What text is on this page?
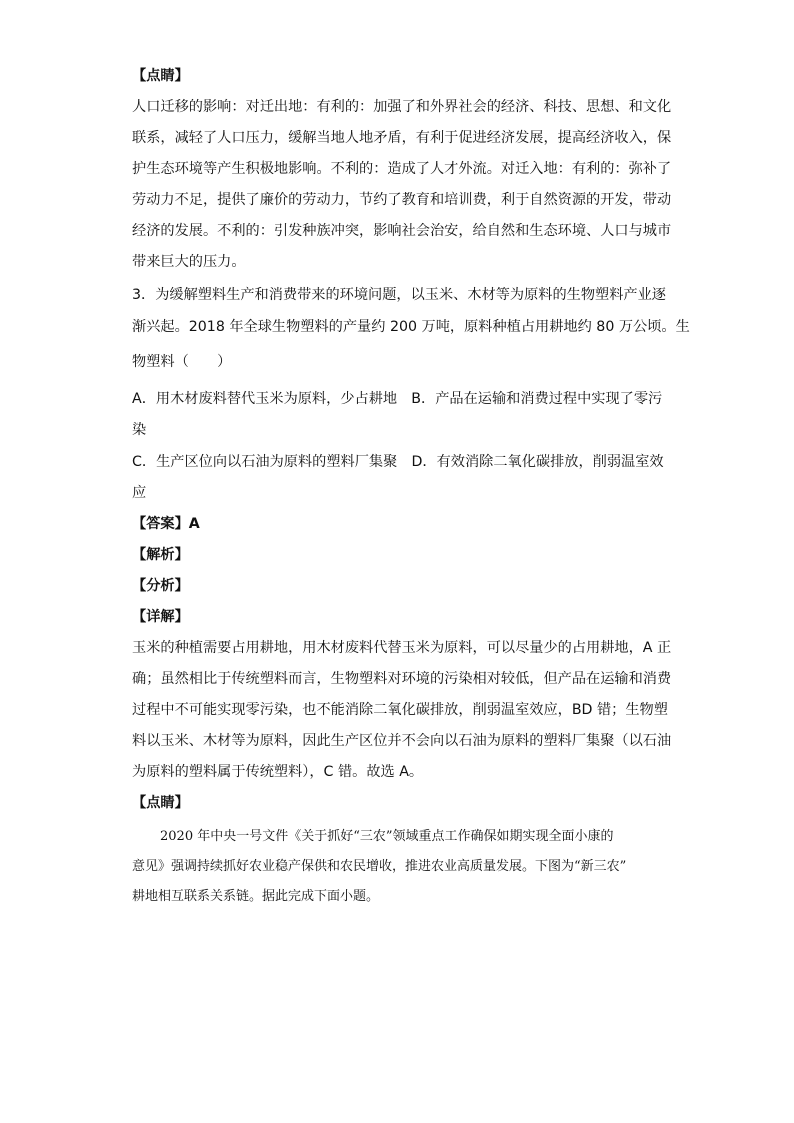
【点睛】
人口迁移的影响：对迁出地：有利的：加强了和外界社会的经济、科技、思想、和文化
联系，减轻了人口压力，缓解当地人地矛盾，有利于促进经济发展，提高经济收入，保
护生态环境等产生积极地影响。不利的：造成了人才外流。对迁入地：有利的：弥补了
劳动力不足，提供了廉价的劳动力，节约了教育和培训费，利于自然资源的开发，带动
经济的发展。不利的：引发种族冲突，影响社会治安，给自然和生态环境、人口与城市
带来巨大的压力。
3．为缓解塑料生产和消费带来的环境问题，以玉米、木材等为原料的生物塑料产业逐
渐兴起。2018 年全球生物塑料的产量约 200 万吨，原料种植占用耕地约 80 万公顷。生
物塑料（　　）
A．用木材废料替代玉米为原料，少占耕地　B．产品在运输和消费过程中实现了零污
染
C．生产区位向以石油为原料的塑料厂集聚　D．有效消除二氧化碳排放，削弱温室效
应
【答案】A
【解析】
【分析】
【详解】
玉米的种植需要占用耕地，用木材废料代替玉米为原料，可以尽量少的占用耕地，A 正
确；虽然相比于传统塑料而言，生物塑料对环境的污染相对较低，但产品在运输和消费
过程中不可能实现零污染，也不能消除二氧化碳排放，削弱温室效应，BD 错；生物塑
料以玉米、木材等为原料，因此生产区位并不会向以石油为原料的塑料厂集聚（以石油
为原料的塑料属于传统塑料），C 错。故选 A。
【点睛】
2020 年中央一号文件《关于抓好“三农”领域重点工作确保如期实现全面小康的
意见》强调持续抓好农业稳产保供和农民增收，推进农业高质量发展。下图为“新三农”
耕地相互联系关系链。据此完成下面小题。
